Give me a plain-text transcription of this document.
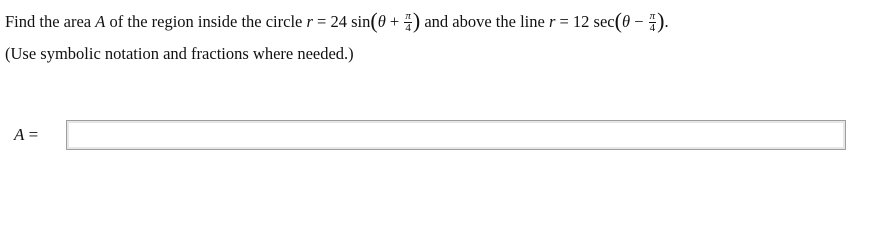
Find the area A of the region inside the circle r = 24 $\sin(\theta + \frac{\pi}{4}$ ) and above the line r = 12 $\sec(\theta - \frac{\pi}{4}$ ).
(Use symbolic notation and fractions where needed.)
A =
